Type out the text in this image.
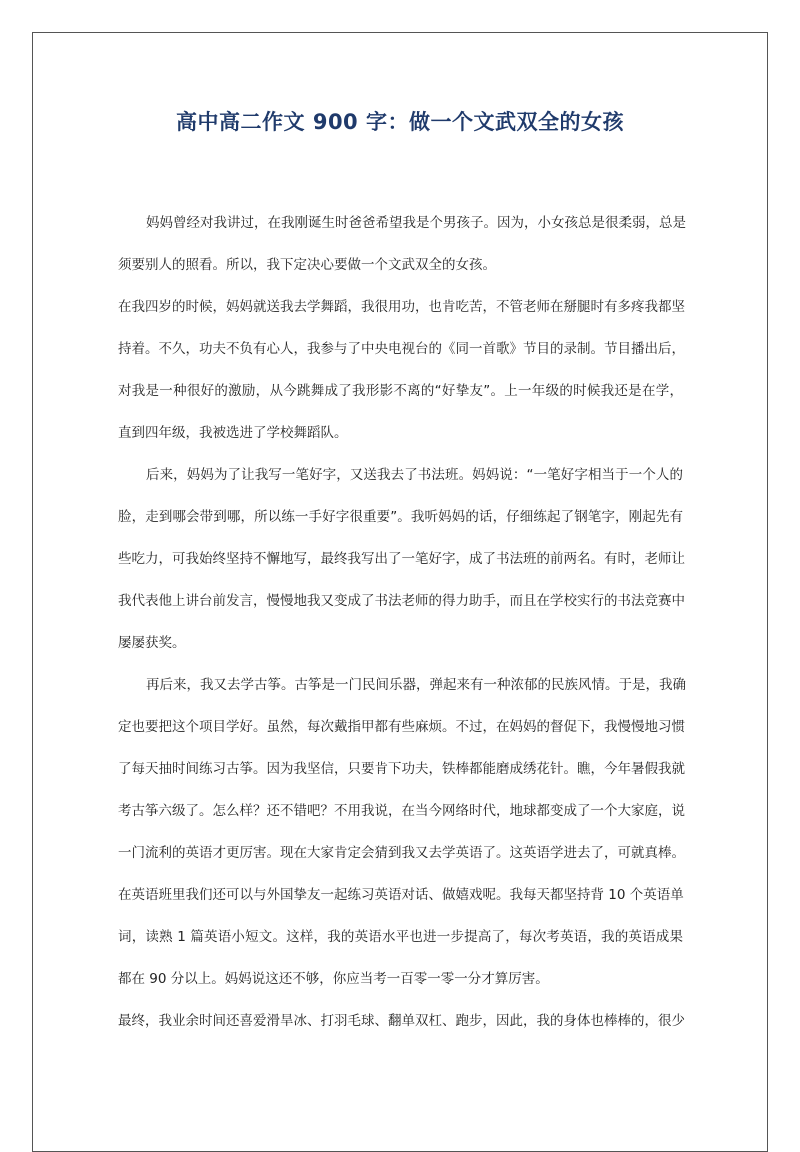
高中高二作文 900 字：做一个文武双全的女孩

妈妈曾经对我讲过，在我刚诞生时爸爸希望我是个男孩子。因为，小女孩总是很柔弱，总是

须要别人的照看。所以，我下定决心要做一个文武双全的女孩。

在我四岁的时候，妈妈就送我去学舞蹈，我很用功，也肯吃苦，不管老师在掰腿时有多疼我都坚

持着。不久，功夫不负有心人，我参与了中央电视台的《同一首歌》节目的录制。节目播出后，

对我是一种很好的激励，从今跳舞成了我形影不离的“好挚友”。上一年级的时候我还是在学，

直到四年级，我被选进了学校舞蹈队。

后来，妈妈为了让我写一笔好字，又送我去了书法班。妈妈说：“一笔好字相当于一个人的

脸，走到哪会带到哪，所以练一手好字很重要”。我听妈妈的话，仔细练起了钢笔字，刚起先有

些吃力，可我始终坚持不懈地写，最终我写出了一笔好字，成了书法班的前两名。有时，老师让

我代表他上讲台前发言，慢慢地我又变成了书法老师的得力助手，而且在学校实行的书法竞赛中

屡屡获奖。

再后来，我又去学古筝。古筝是一门民间乐器，弹起来有一种浓郁的民族风情。于是，我确

定也要把这个项目学好。虽然，每次戴指甲都有些麻烦。不过，在妈妈的督促下，我慢慢地习惯

了每天抽时间练习古筝。因为我坚信，只要肯下功夫，铁棒都能磨成绣花针。瞧，今年暑假我就

考古筝六级了。怎么样？还不错吧？不用我说，在当今网络时代，地球都变成了一个大家庭，说

一门流利的英语才更厉害。现在大家肯定会猜到我又去学英语了。这英语学进去了，可就真棒。

在英语班里我们还可以与外国挚友一起练习英语对话、做嬉戏呢。我每天都坚持背 10 个英语单

词，读熟 1 篇英语小短文。这样，我的英语水平也进一步提高了，每次考英语，我的英语成果

都在 90 分以上。妈妈说这还不够，你应当考一百零一零一分才算厉害。

最终，我业余时间还喜爱滑旱冰、打羽毛球、翻单双杠、跑步，因此，我的身体也棒棒的，很少
